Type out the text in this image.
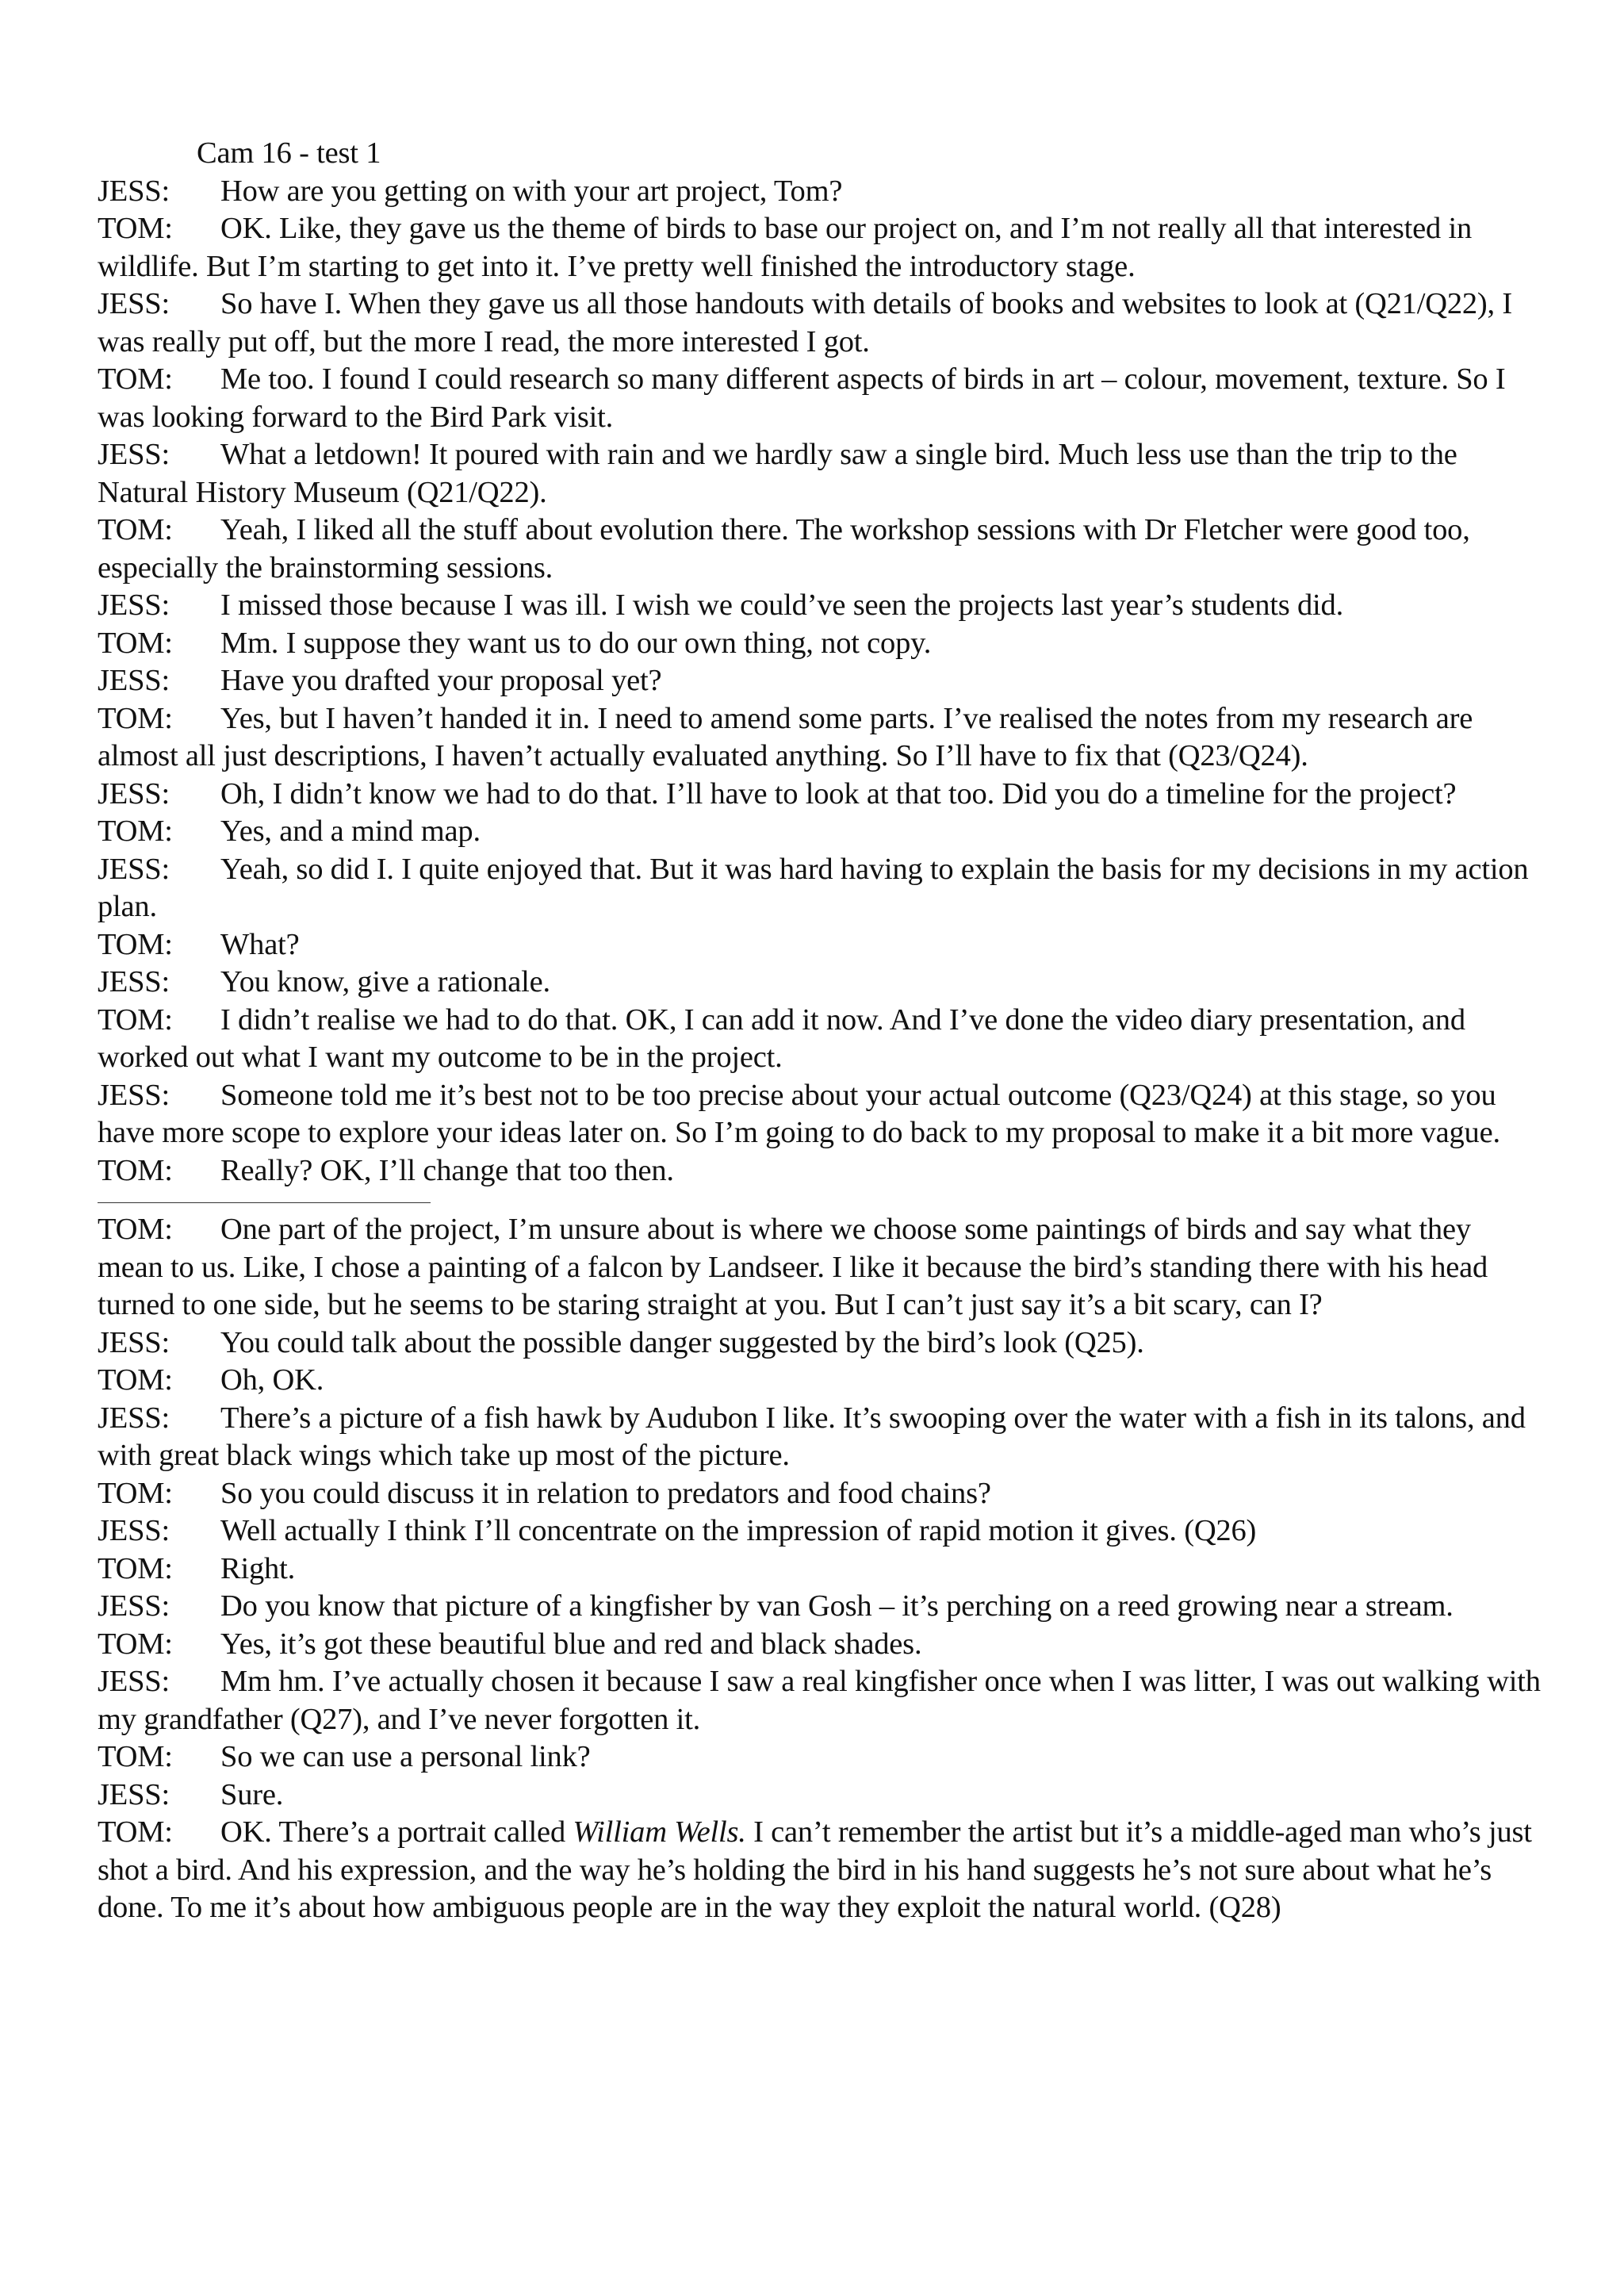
Cam 16 - test 1
JESS: How are you getting on with your art project, Tom?
TOM: OK. Like, they gave us the theme of birds to base our project on, and I’m not really all that interested in wildlife. But I’m starting to get into it. I’ve pretty well finished the introductory stage.
JESS: So have I. When they gave us all those handouts with details of books and websites to look at (Q21/Q22), I was really put off, but the more I read, the more interested I got.
TOM: Me too. I found I could research so many different aspects of birds in art – colour, movement, texture. So I was looking forward to the Bird Park visit.
JESS: What a letdown! It poured with rain and we hardly saw a single bird. Much less use than the trip to the Natural History Museum (Q21/Q22).
TOM: Yeah, I liked all the stuff about evolution there. The workshop sessions with Dr Fletcher were good too, especially the brainstorming sessions.
JESS: I missed those because I was ill. I wish we could’ve seen the projects last year’s students did.
TOM: Mm. I suppose they want us to do our own thing, not copy.
JESS: Have you drafted your proposal yet?
TOM: Yes, but I haven’t handed it in. I need to amend some parts. I’ve realised the notes from my research are almost all just descriptions, I haven’t actually evaluated anything. So I’ll have to fix that (Q23/Q24).
JESS: Oh, I didn’t know we had to do that. I’ll have to look at that too. Did you do a timeline for the project?
TOM: Yes, and a mind map.
JESS: Yeah, so did I. I quite enjoyed that. But it was hard having to explain the basis for my decisions in my action plan.
TOM: What?
JESS: You know, give a rationale.
TOM: I didn’t realise we had to do that. OK, I can add it now. And I’ve done the video diary presentation, and worked out what I want my outcome to be in the project.
JESS: Someone told me it’s best not to be too precise about your actual outcome (Q23/Q24) at this stage, so you have more scope to explore your ideas later on. So I’m going to do back to my proposal to make it a bit more vague.
TOM: Really? OK, I’ll change that too then.
TOM: One part of the project, I’m unsure about is where we choose some paintings of birds and say what they mean to us. Like, I chose a painting of a falcon by Landseer. I like it because the bird’s standing there with his head turned to one side, but he seems to be staring straight at you. But I can’t just say it’s a bit scary, can I?
JESS: You could talk about the possible danger suggested by the bird’s look (Q25).
TOM: Oh, OK.
JESS: There’s a picture of a fish hawk by Audubon I like. It’s swooping over the water with a fish in its talons, and with great black wings which take up most of the picture.
TOM: So you could discuss it in relation to predators and food chains?
JESS: Well actually I think I’ll concentrate on the impression of rapid motion it gives. (Q26)
TOM: Right.
JESS: Do you know that picture of a kingfisher by van Gosh – it’s perching on a reed growing near a stream.
TOM: Yes, it’s got these beautiful blue and red and black shades.
JESS: Mm hm. I’ve actually chosen it because I saw a real kingfisher once when I was litter, I was out walking with my grandfather (Q27), and I’ve never forgotten it.
TOM: So we can use a personal link?
JESS: Sure.
TOM: OK. There’s a portrait called William Wells. I can’t remember the artist but it’s a middle-aged man who’s just shot a bird. And his expression, and the way he’s holding the bird in his hand suggests he’s not sure about what he’s done. To me it’s about how ambiguous people are in the way they exploit the natural world. (Q28)
